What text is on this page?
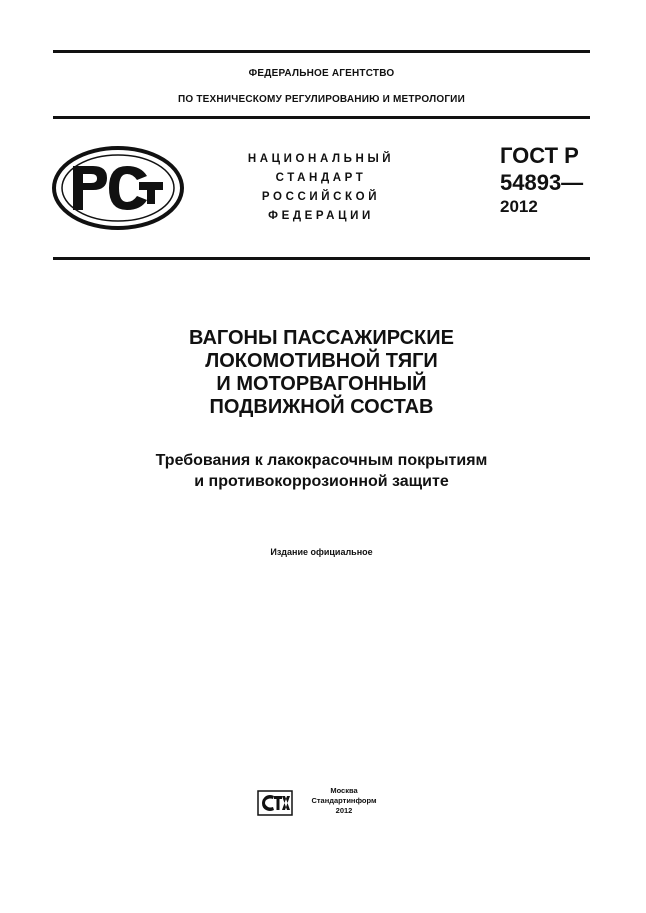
ФЕДЕРАЛЬНОЕ АГЕНТСТВО
ПО ТЕХНИЧЕСКОМУ РЕГУЛИРОВАНИЮ И МЕТРОЛОГИИ
НАЦИОНАЛЬНЫЙ
СТАНДАРТ
РОССИЙСКОЙ
ФЕДЕРАЦИИ
ГОСТ Р
54893—
2012
ВАГОНЫ ПАССАЖИРСКИЕ
ЛОКОМОТИВНОЙ ТЯГИ
И МОТОРВАГОННЫЙ
ПОДВИЖНОЙ СОСТАВ
Требования к лакокрасочным покрытиям
и противокоррозионной защите
Издание официальное
Москва
Стандартинформ
2012
